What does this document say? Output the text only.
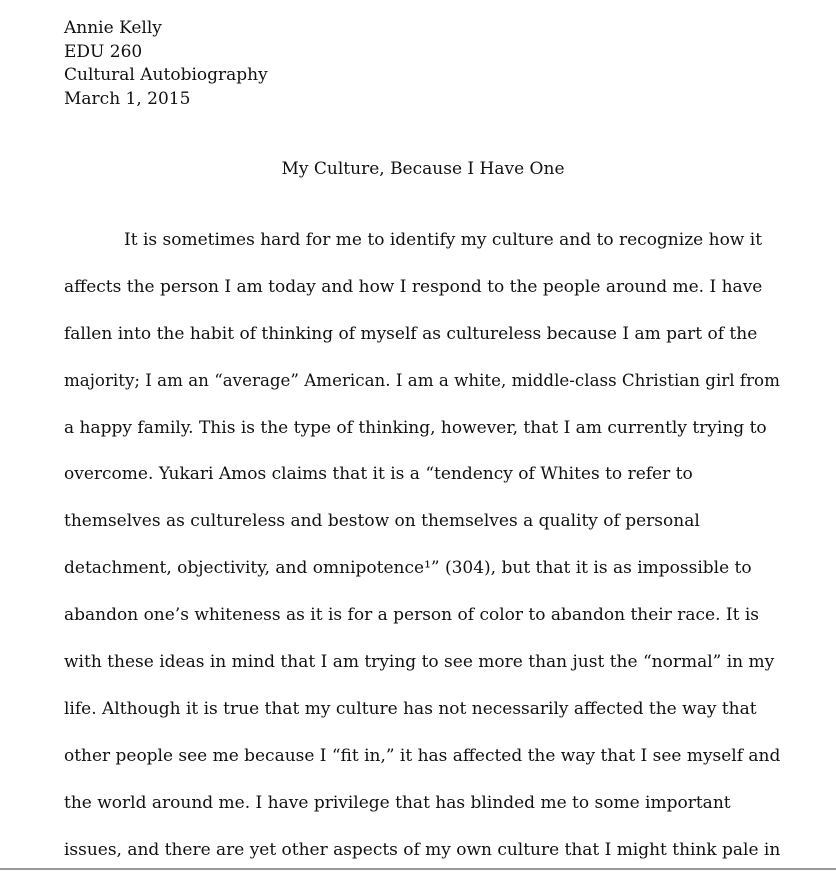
Annie Kelly
EDU 260
Cultural Autobiography
March 1, 2015
My Culture, Because I Have One
It is sometimes hard for me to identify my culture and to recognize how it
affects the person I am today and how I respond to the people around me. I have
fallen into the habit of thinking of myself as cultureless because I am part of the
majority; I am an “average” American. I am a white, middle-class Christian girl from
a happy family. This is the type of thinking, however, that I am currently trying to
overcome. Yukari Amos claims that it is a “tendency of Whites to refer to
themselves as cultureless and bestow on themselves a quality of personal
detachment, objectivity, and omnipotence¹” (304), but that it is as impossible to
abandon one’s whiteness as it is for a person of color to abandon their race. It is
with these ideas in mind that I am trying to see more than just the “normal” in my
life. Although it is true that my culture has not necessarily affected the way that
other people see me because I “fit in,” it has affected the way that I see myself and
the world around me. I have privilege that has blinded me to some important
issues, and there are yet other aspects of my own culture that I might think pale in
